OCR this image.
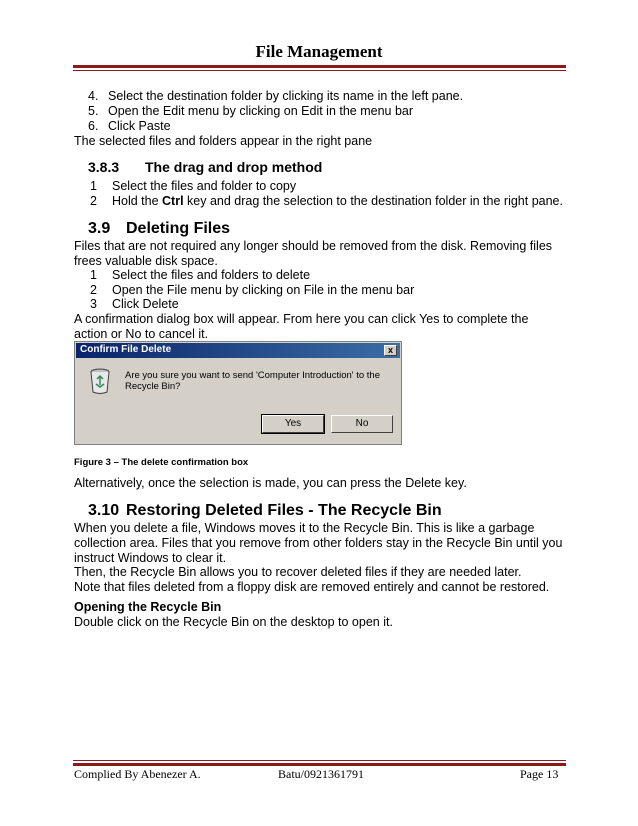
File Management
4. Select the destination folder by clicking its name in the left pane.
5. Open the Edit menu by clicking on Edit in the menu bar
6. Click Paste
The selected files and folders appear in the right pane
3.8.3 The drag and drop method
1 Select the files and folder to copy
2 Hold the Ctrl key and drag the selection to the destination folder in the right pane.
3.9 Deleting Files
Files that are not required any longer should be removed from the disk. Removing files
frees valuable disk space.
1 Select the files and folders to delete
2 Open the File menu by clicking on File in the menu bar
3 Click Delete
A confirmation dialog box will appear. From here you can click Yes to complete the
action or No to cancel it.
Confirm File Delete	x
Are you sure you want to send 'Computer Introduction' to the Recycle Bin?
Yes	No
Figure 3 – The delete confirmation box
Alternatively, once the selection is made, you can press the Delete key.
3.10 Restoring Deleted Files - The Recycle Bin
When you delete a file, Windows moves it to the Recycle Bin. This is like a garbage
collection area. Files that you remove from other folders stay in the Recycle Bin until you
instruct Windows to clear it.
Then, the Recycle Bin allows you to recover deleted files if they are needed later.
Note that files deleted from a floppy disk are removed entirely and cannot be restored.
Opening the Recycle Bin
Double click on the Recycle Bin on the desktop to open it.
Complied By Abenezer A.	Batu/0921361791	Page 13
